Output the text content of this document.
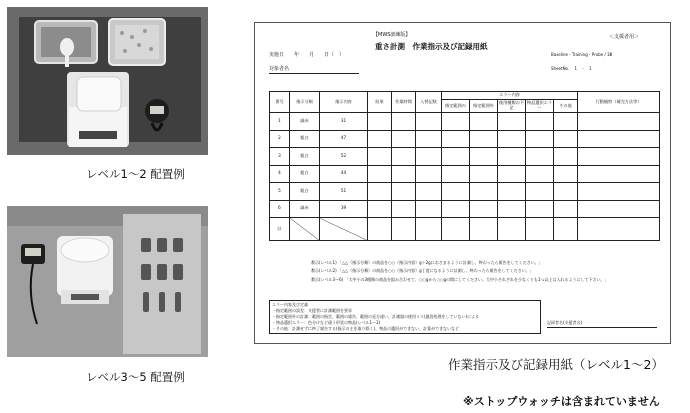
レベル1～2 配置例
レベル3～5 配置例
【MWS訓練版】
重さ計測　作業指示及び記録用紙
＜支援者用＞
実施日　　年　　月　　日（　）
対象者名
Baseline・Training・Probe / 1Ⅲ
SheetNo.　 1　 -　 1
番号	指示分類	指示内容	結果	作業時間	入替記数	エラー内容					行動観察（補完方法等）
						指定範囲の	指定範囲外	使用種類の不足	物品選択エラー	その他	
1	細赤	31									
2	粗白	47									
3	粗白	52									
4	粗白	44									
5	粗白	51									
6	細赤	39									
計											
教示(レベル1) 「△△（指示分類）の商品を○○（指示内容）g＋2gにおさまるように計測し、終わったら報告をしてください。」
教示(レベル2) 「△△（指示分類）の商品を○○（指示内容）g丁度になるように計測し、終わったら報告をしてください。」
教示(レベル3～6) 「大中小の3種類の商品を組み合わせて、○○gから○○gの間にしてください。大中小それぞれを少なくとも1つ以上は入れるようにして下さい。」
エラー内容及び定義
・指定範囲の誤差：支援者に計測範囲を要求
・指定範囲外の計測：範囲の指定、範囲の報告、範囲の見方違い、計測器の使用ミス(風袋処理をしていない)による
・物品選択エラー：色分けなど違う形状の物品(レベル1～2)
・その他：計測せずに終了報告する(指示の主を取り除く)、物品の選択ができない、計算ができないなど
記録者名(支援者名)
作業指示及び記録用紙（レベル1～2）
※ストップウォッチは含まれていません
